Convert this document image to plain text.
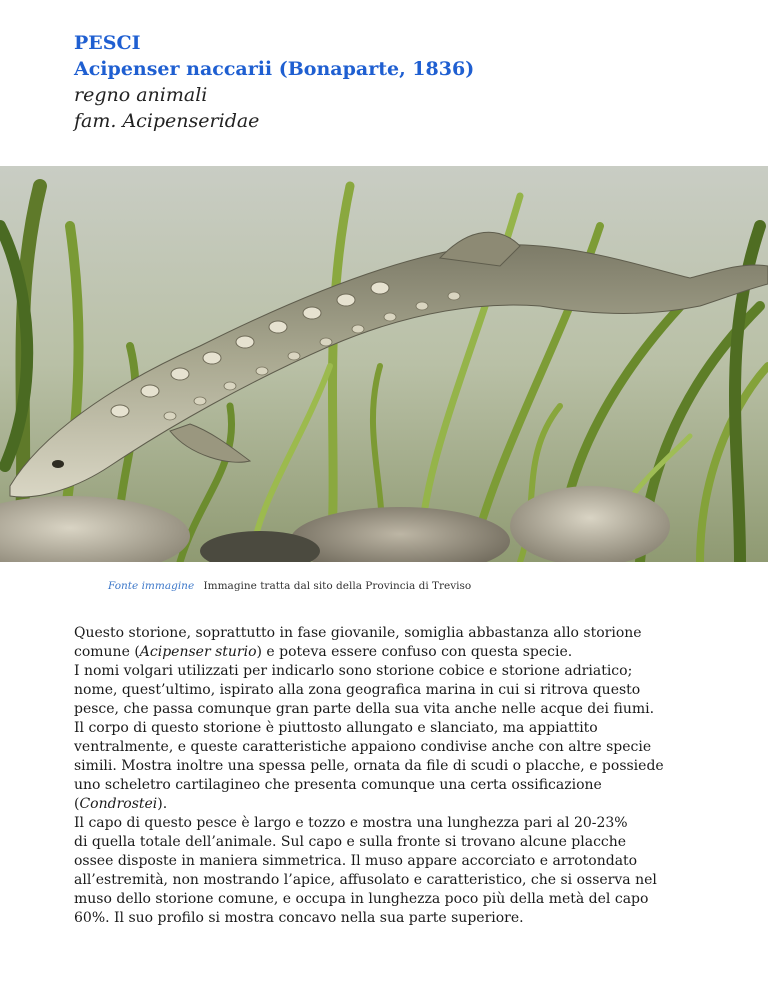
PESCI
Acipenser naccarii (Bonaparte, 1836)
regno animali
fam. Acipenseridae
Fonte immagine Immagine tratta dal sito della Provincia di Treviso
Questo storione, soprattutto in fase giovanile, somiglia abbastanza allo storione
comune (Acipenser sturio) e poteva essere confuso con questa specie.
I nomi volgari utilizzati per indicarlo sono storione cobice e storione adriatico;
nome, quest’ultimo, ispirato alla zona geografica marina in cui si ritrova questo
pesce, che passa comunque gran parte della sua vita anche nelle acque dei fiumi.
Il corpo di questo storione è piuttosto allungato e slanciato, ma appiattito
ventralmente, e queste caratteristiche appaiono condivise anche con altre specie
simili. Mostra inoltre una spessa pelle, ornata da file di scudi o placche, e possiede
uno scheletro cartilagineo che presenta comunque una certa ossificazione
(Condrostei).
Il capo di questo pesce è largo e tozzo e mostra una lunghezza pari al 20-23%
di quella totale dell’animale. Sul capo e sulla fronte si trovano alcune placche
ossee disposte in maniera simmetrica. Il muso appare accorciato e arrotondato
all’estremità, non mostrando l’apice, affusolato e caratteristico, che si osserva nel
muso dello storione comune, e occupa in lunghezza poco più della metà del capo
60%. Il suo profilo si mostra concavo nella sua parte superiore.
